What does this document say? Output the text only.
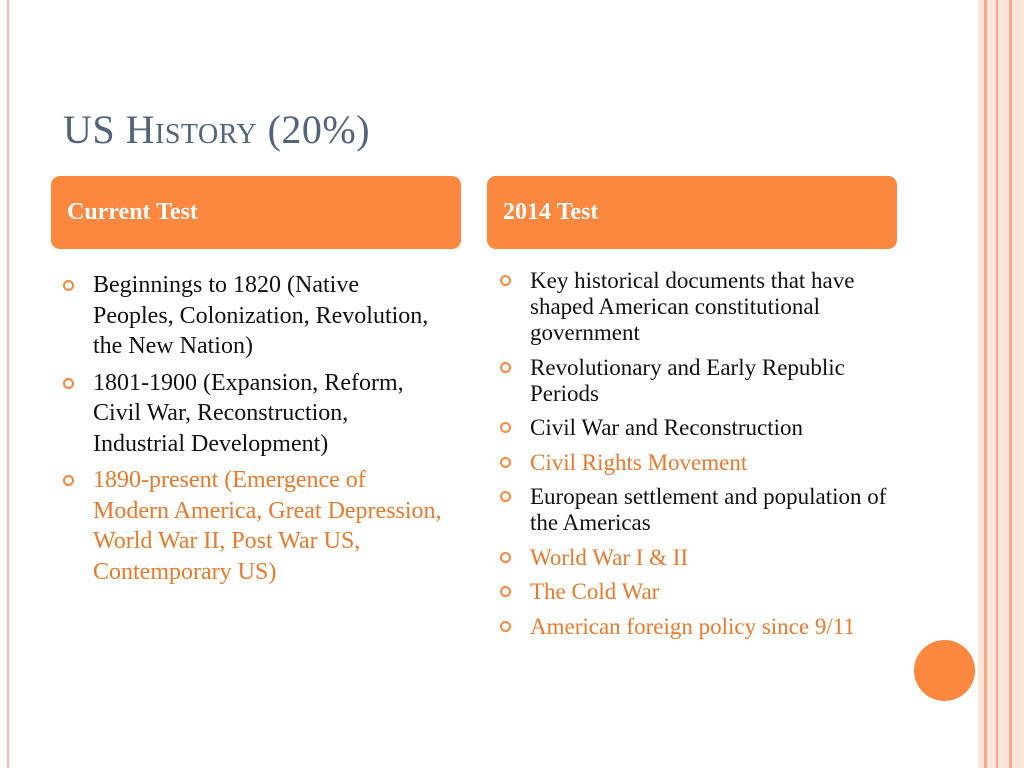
US History (20%)
Current Test	2014 Test
Beginnings to 1820 (Native Peoples, Colonization, Revolution, the New Nation)
1801-1900 (Expansion, Reform, Civil War, Reconstruction, Industrial Development)
1890-present (Emergence of Modern America, Great Depression, World War II, Post War US, Contemporary US)
Key historical documents that have shaped American constitutional government
Revolutionary and Early Republic Periods
Civil War and Reconstruction
Civil Rights Movement
European settlement and population of the Americas
World War I & II
The Cold War
American foreign policy since 9/11
